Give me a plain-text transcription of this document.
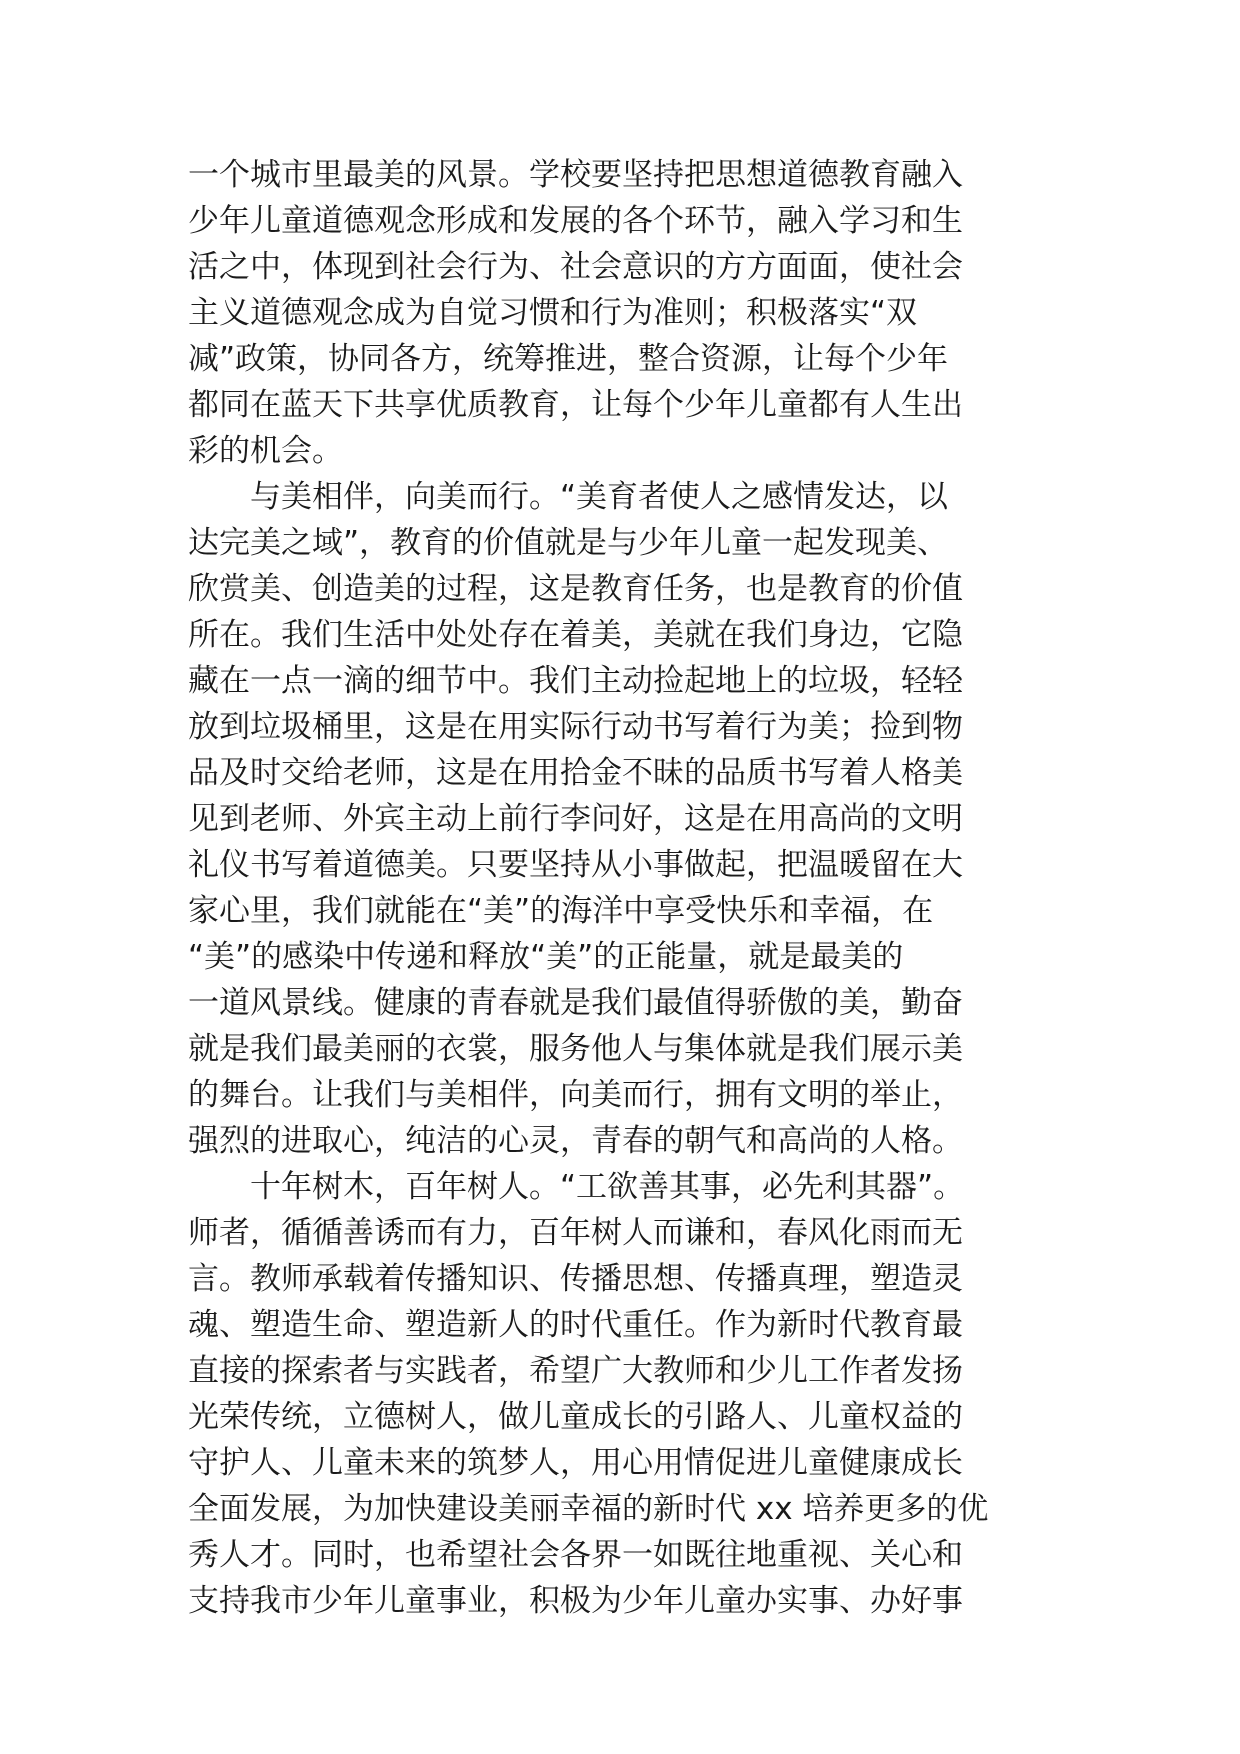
一个城市里最美的风景。学校要坚持把思想道德教育融入
少年儿童道德观念形成和发展的各个环节，融入学习和生
活之中，体现到社会行为、社会意识的方方面面，使社会
主义道德观念成为自觉习惯和行为准则；积极落实“双
减”政策，协同各方，统筹推进，整合资源，让每个少年
都同在蓝天下共享优质教育，让每个少年儿童都有人生出
彩的机会。
与美相伴，向美而行。“美育者使人之感情发达，以
达完美之域”，教育的价值就是与少年儿童一起发现美、
欣赏美、创造美的过程，这是教育任务，也是教育的价值
所在。我们生活中处处存在着美，美就在我们身边，它隐
藏在一点一滴的细节中。我们主动捡起地上的垃圾，轻轻
放到垃圾桶里，这是在用实际行动书写着行为美；捡到物
品及时交给老师，这是在用拾金不昧的品质书写着人格美
见到老师、外宾主动上前行李问好，这是在用高尚的文明
礼仪书写着道德美。只要坚持从小事做起，把温暖留在大
家心里，我们就能在“美”的海洋中享受快乐和幸福，在
“美”的感染中传递和释放“美”的正能量，就是最美的
一道风景线。健康的青春就是我们最值得骄傲的美，勤奋
就是我们最美丽的衣裳，服务他人与集体就是我们展示美
的舞台。让我们与美相伴，向美而行，拥有文明的举止，
强烈的进取心，纯洁的心灵，青春的朝气和高尚的人格。
十年树木，百年树人。“工欲善其事，必先利其器”。
师者，循循善诱而有力，百年树人而谦和，春风化雨而无
言。教师承载着传播知识、传播思想、传播真理，塑造灵
魂、塑造生命、塑造新人的时代重任。作为新时代教育最
直接的探索者与实践者，希望广大教师和少儿工作者发扬
光荣传统，立德树人，做儿童成长的引路人、儿童权益的
守护人、儿童未来的筑梦人，用心用情促进儿童健康成长
全面发展，为加快建设美丽幸福的新时代 xx 培养更多的优
秀人才。同时，也希望社会各界一如既往地重视、关心和
支持我市少年儿童事业，积极为少年儿童办实事、办好事
